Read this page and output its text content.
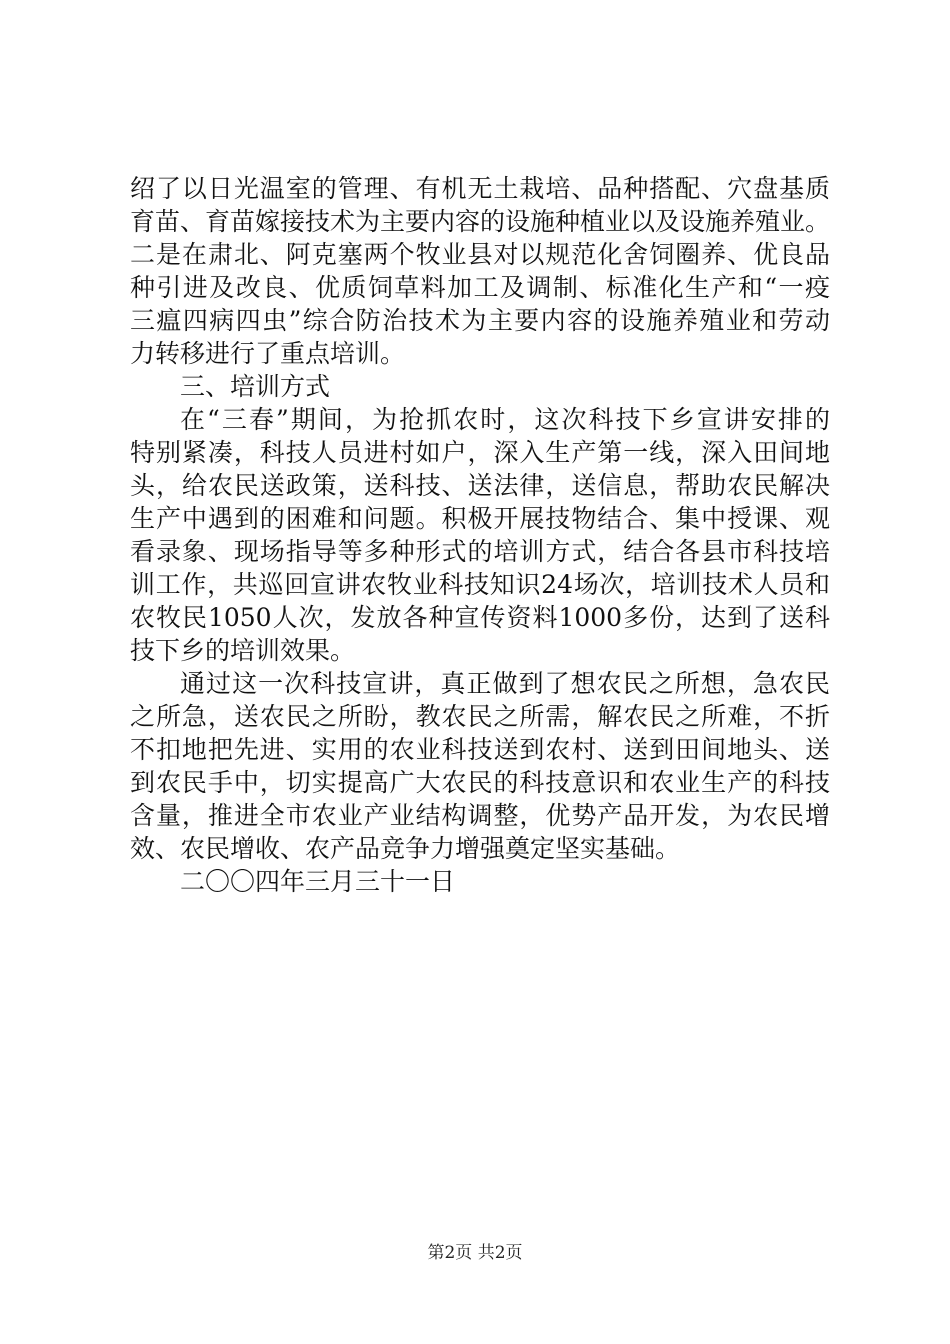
绍了以日光温室的管理、有机无土栽培、品种搭配、穴盘基质
育苗、育苗嫁接技术为主要内容的设施种植业以及设施养殖业。
二是在肃北、阿克塞两个牧业县对以规范化舍饲圈养、优良品
种引进及改良、优质饲草料加工及调制、标准化生产和“一疫
三瘟四病四虫”综合防治技术为主要内容的设施养殖业和劳动
力转移进行了重点培训。
三、培训方式
在“三春”期间，为抢抓农时，这次科技下乡宣讲安排的
特别紧凑，科技人员进村如户，深入生产第一线，深入田间地
头，给农民送政策，送科技、送法律，送信息，帮助农民解决
生产中遇到的困难和问题。积极开展技物结合、集中授课、观
看录象、现场指导等多种形式的培训方式，结合各县市科技培
训工作，共巡回宣讲农牧业科技知识24场次，培训技术人员和
农牧民1050人次，发放各种宣传资料1000多份，达到了送科
技下乡的培训效果。
通过这一次科技宣讲，真正做到了想农民之所想，急农民
之所急，送农民之所盼，教农民之所需，解农民之所难，不折
不扣地把先进、实用的农业科技送到农村、送到田间地头、送
到农民手中，切实提高广大农民的科技意识和农业生产的科技
含量，推进全市农业产业结构调整，优势产品开发，为农民增
效、农民增收、农产品竞争力增强奠定坚实基础。
二〇〇四年三月三十一日
第2页 共2页
